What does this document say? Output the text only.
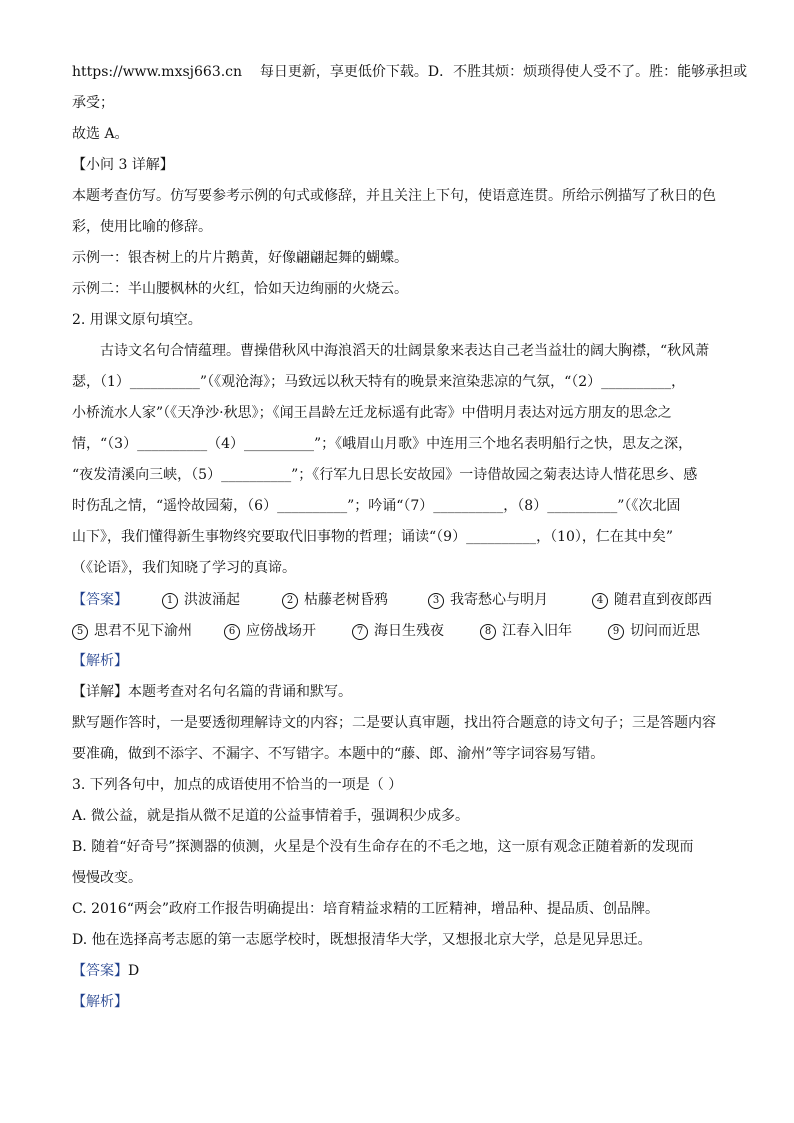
https://www.mxsj663.cn 每日更新，享更低价下载。D．不胜其烦：烦琐得使人受不了。胜：能够承担或
承受；
故选 A。
【小问 3 详解】
本题考查仿写。仿写要参考示例的句式或修辞，并且关注上下句，使语意连贯。所给示例描写了秋日的色
彩，使用比喻的修辞。
示例一：银杏树上的片片鹅黄，好像翩翩起舞的蝴蝶。
示例二：半山腰枫林的火红，恰如天边绚丽的火烧云。
2. 用课文原句填空。
古诗文名句合情蕴理。曹操借秋风中海浪滔天的壮阔景象来表达自己老当益壮的阔大胸襟，“秋风萧
瑟，（1）__________”（《观沧海》；马致远以秋天特有的晚景来渲染悲凉的气氛，“（2）__________，
小桥流水人家”（《天净沙·秋思》；《闻王昌龄左迁龙标遥有此寄》中借明月表达对远方朋友的思念之
情，“（3）__________（4）__________”；《峨眉山月歌》中连用三个地名表明船行之快，思友之深，
“夜发清溪向三峡，（5）__________”；《行军九日思长安故园》一诗借故园之菊表达诗人惜花思乡、感
时伤乱之情，“遥怜故园菊，（6）__________”；吟诵“（7）__________，（8）__________”（《次北固
山下》，我们懂得新生事物终究要取代旧事物的哲理；诵读“（9）__________，（10），仁在其中矣”
（《论语》，我们知晓了学习的真谛。
【答案】	1 洪波涌起	2 枯藤老树昏鸦	3 我寄愁心与明月	4 随君直到夜郎西
5 思君不见下渝州	6 应傍战场开	7 海日生残夜	8 江春入旧年	9 切问而近思
【解析】
【详解】本题考查对名句名篇的背诵和默写。
默写题作答时，一是要透彻理解诗文的内容；二是要认真审题，找出符合题意的诗文句子；三是答题内容
要准确，做到不添字、不漏字、不写错字。本题中的“藤、郎、渝州”等字词容易写错。
3. 下列各句中，加点的成语使用不恰当的一项是（ ）
A. 微公益，就是指从微不足道的公益事情着手，强调积少成多。
B. 随着“好奇号”探测器的侦测，火星是个没有生命存在的不毛之地，这一原有观念正随着新的发现而
慢慢改变。
C. 2016“两会”政府工作报告明确提出：培育精益求精的工匠精神，增品种、提品质、创品牌。
D. 他在选择高考志愿的第一志愿学校时，既想报清华大学，又想报北京大学，总是见异思迁。
【答案】D
【解析】
